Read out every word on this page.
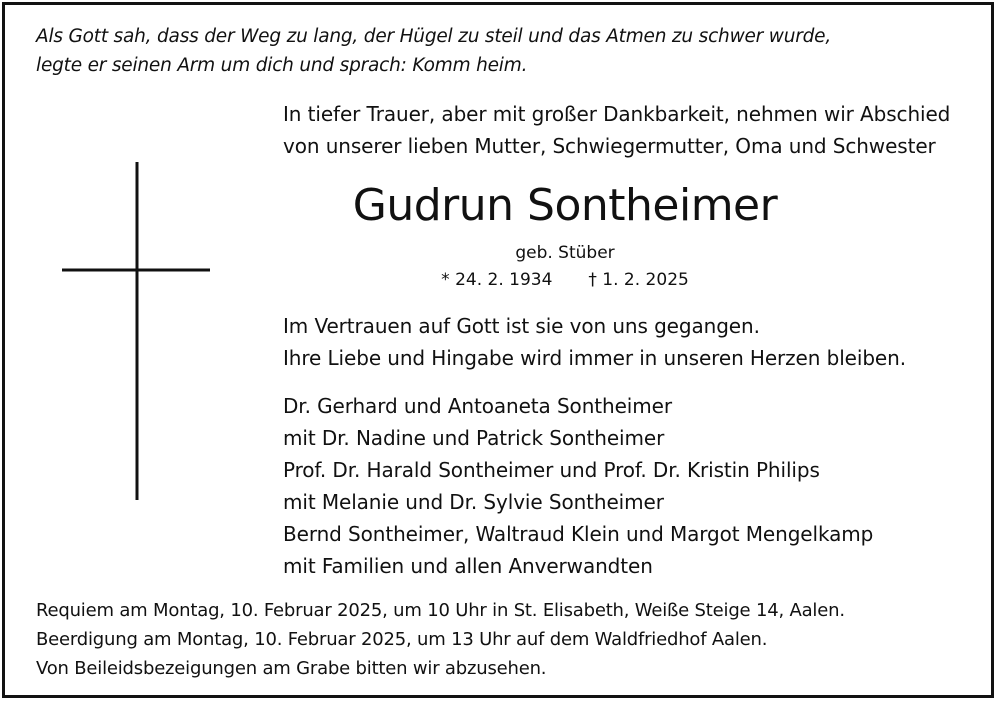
Als Gott sah, dass der Weg zu lang, der Hügel zu steil und das Atmen zu schwer wurde,
legte er seinen Arm um dich und sprach: Komm heim.
In tiefer Trauer, aber mit großer Dankbarkeit, nehmen wir Abschied
von unserer lieben Mutter, Schwiegermutter, Oma und Schwester
Gudrun Sontheimer
geb. Stüber
* 24. 2. 1934 † 1. 2. 2025
Im Vertrauen auf Gott ist sie von uns gegangen.
Ihre Liebe und Hingabe wird immer in unseren Herzen bleiben.
Dr. Gerhard und Antoaneta Sontheimer
mit Dr. Nadine und Patrick Sontheimer
Prof. Dr. Harald Sontheimer und Prof. Dr. Kristin Philips
mit Melanie und Dr. Sylvie Sontheimer
Bernd Sontheimer, Waltraud Klein und Margot Mengelkamp
mit Familien und allen Anverwandten
Requiem am Montag, 10. Februar 2025, um 10 Uhr in St. Elisabeth, Weiße Steige 14, Aalen.
Beerdigung am Montag, 10. Februar 2025, um 13 Uhr auf dem Waldfriedhof Aalen.
Von Beileidsbezeigungen am Grabe bitten wir abzusehen.
